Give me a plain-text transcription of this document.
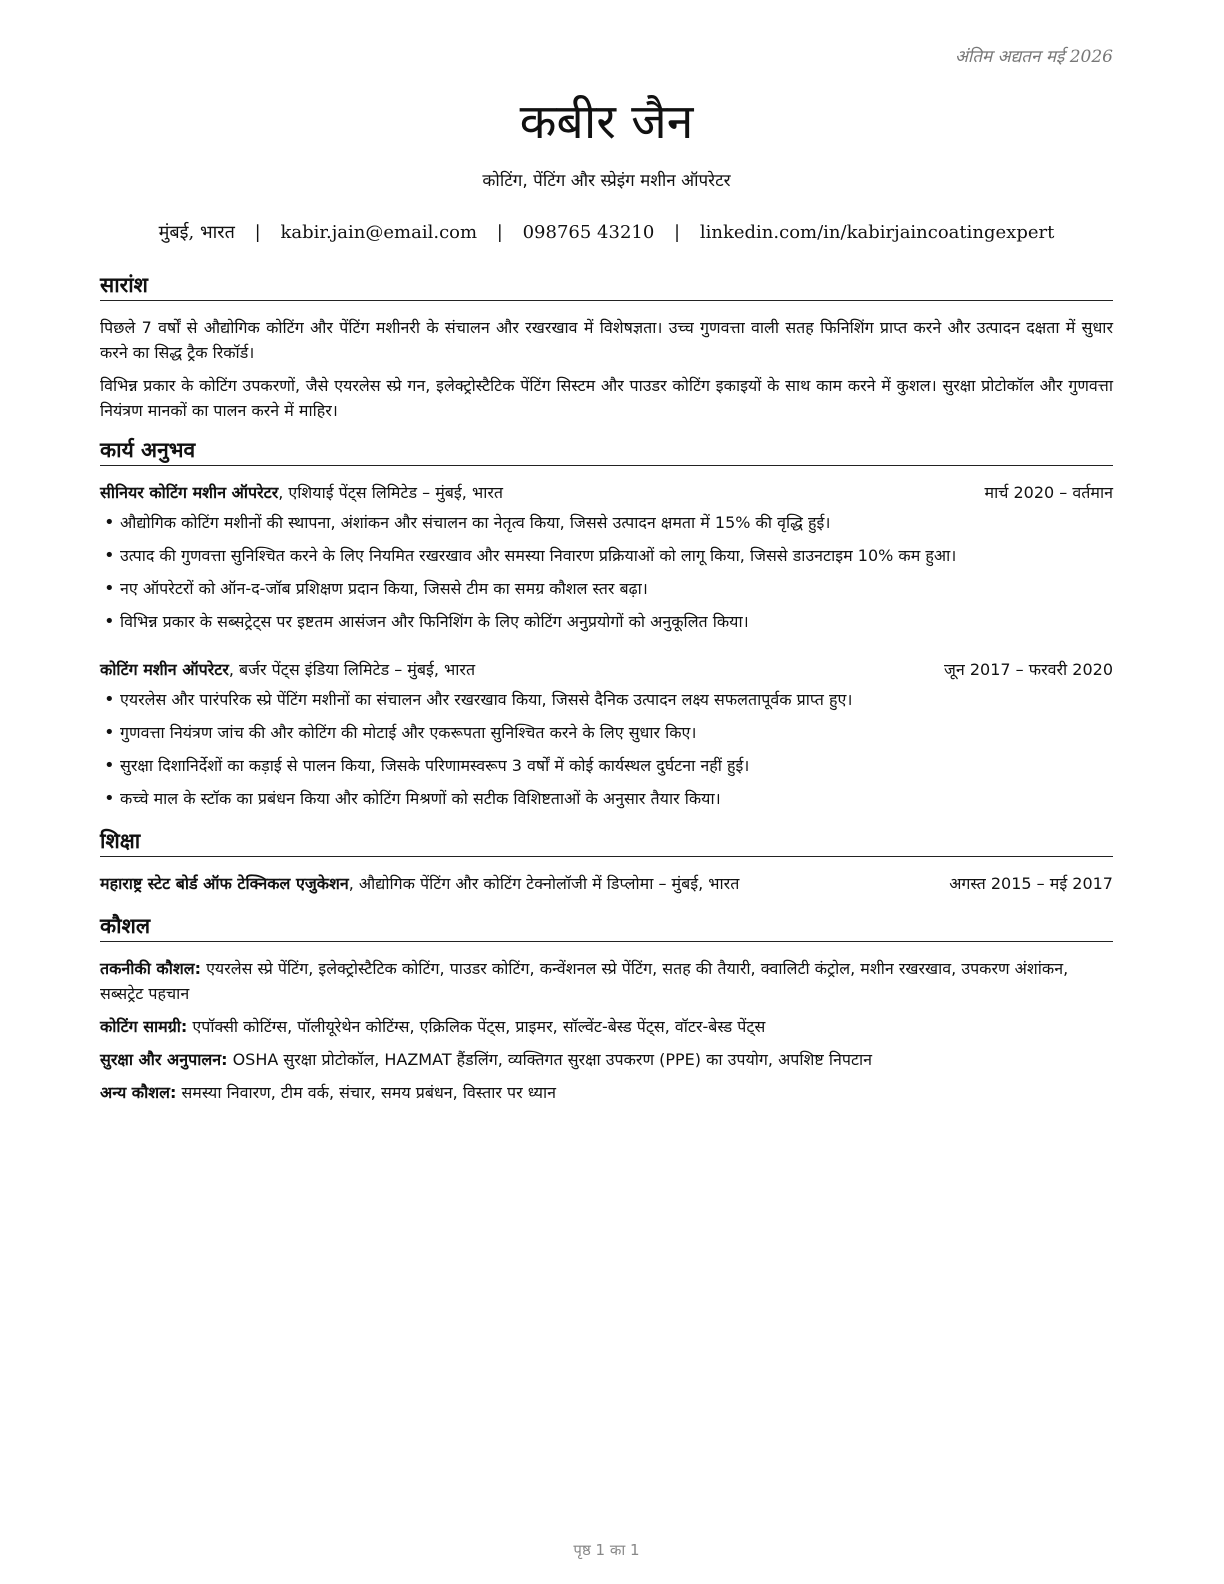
अंतिम अद्यतन मई 2026
कबीर जैन
कोटिंग, पेंटिंग और स्प्रेइंग मशीन ऑपरेटर
मुंबई, भारत | kabir.jain@email.com | 098765 43210 | linkedin.com/in/kabirjaincoatingexpert
सारांश

पिछले 7 वर्षों से औद्योगिक कोटिंग और पेंटिंग मशीनरी के संचालन और रखरखाव में विशेषज्ञता। उच्च गुणवत्ता वाली सतह फिनिशिंग प्राप्त करने और उत्पादन दक्षता में सुधार करने का सिद्ध ट्रैक रिकॉर्ड।

विभिन्न प्रकार के कोटिंग उपकरणों, जैसे एयरलेस स्प्रे गन, इलेक्ट्रोस्टैटिक पेंटिंग सिस्टम और पाउडर कोटिंग इकाइयों के साथ काम करने में कुशल। सुरक्षा प्रोटोकॉल और गुणवत्ता नियंत्रण मानकों का पालन करने में माहिर।

कार्य अनुभव
सीनियर कोटिंग मशीन ऑपरेटर, एशियाई पेंट्स लिमिटेड – मुंबई, भारत	मार्च 2020 – वर्तमान
• औद्योगिक कोटिंग मशीनों की स्थापना, अंशांकन और संचालन का नेतृत्व किया, जिससे उत्पादन क्षमता में 15% की वृद्धि हुई।
• उत्पाद की गुणवत्ता सुनिश्चित करने के लिए नियमित रखरखाव और समस्या निवारण प्रक्रियाओं को लागू किया, जिससे डाउनटाइम 10% कम हुआ।
• नए ऑपरेटरों को ऑन-द-जॉब प्रशिक्षण प्रदान किया, जिससे टीम का समग्र कौशल स्तर बढ़ा।
• विभिन्न प्रकार के सब्सट्रेट्स पर इष्टतम आसंजन और फिनिशिंग के लिए कोटिंग अनुप्रयोगों को अनुकूलित किया।
कोटिंग मशीन ऑपरेटर, बर्जर पेंट्स इंडिया लिमिटेड – मुंबई, भारत	जून 2017 – फरवरी 2020
• एयरलेस और पारंपरिक स्प्रे पेंटिंग मशीनों का संचालन और रखरखाव किया, जिससे दैनिक उत्पादन लक्ष्य सफलतापूर्वक प्राप्त हुए।
• गुणवत्ता नियंत्रण जांच की और कोटिंग की मोटाई और एकरूपता सुनिश्चित करने के लिए सुधार किए।
• सुरक्षा दिशानिर्देशों का कड़ाई से पालन किया, जिसके परिणामस्वरूप 3 वर्षों में कोई कार्यस्थल दुर्घटना नहीं हुई।
• कच्चे माल के स्टॉक का प्रबंधन किया और कोटिंग मिश्रणों को सटीक विशिष्टताओं के अनुसार तैयार किया।
शिक्षा
महाराष्ट्र स्टेट बोर्ड ऑफ टेक्निकल एजुकेशन, औद्योगिक पेंटिंग और कोटिंग टेक्नोलॉजी में डिप्लोमा – मुंबई, भारत	अगस्त 2015 – मई 2017
कौशल

तकनीकी कौशल: एयरलेस स्प्रे पेंटिंग, इलेक्ट्रोस्टैटिक कोटिंग, पाउडर कोटिंग, कन्वेंशनल स्प्रे पेंटिंग, सतह की तैयारी, क्वालिटी कंट्रोल, मशीन रखरखाव, उपकरण अंशांकन, सब्सट्रेट पहचान

कोटिंग सामग्री: एपॉक्सी कोटिंग्स, पॉलीयूरेथेन कोटिंग्स, एक्रिलिक पेंट्स, प्राइमर, सॉल्वेंट-बेस्ड पेंट्स, वॉटर-बेस्ड पेंट्स

सुरक्षा और अनुपालन: OSHA सुरक्षा प्रोटोकॉल, HAZMAT हैंडलिंग, व्यक्तिगत सुरक्षा उपकरण (PPE) का उपयोग, अपशिष्ट निपटान

अन्य कौशल: समस्या निवारण, टीम वर्क, संचार, समय प्रबंधन, विस्तार पर ध्यान

पृष्ठ 1 का 1
